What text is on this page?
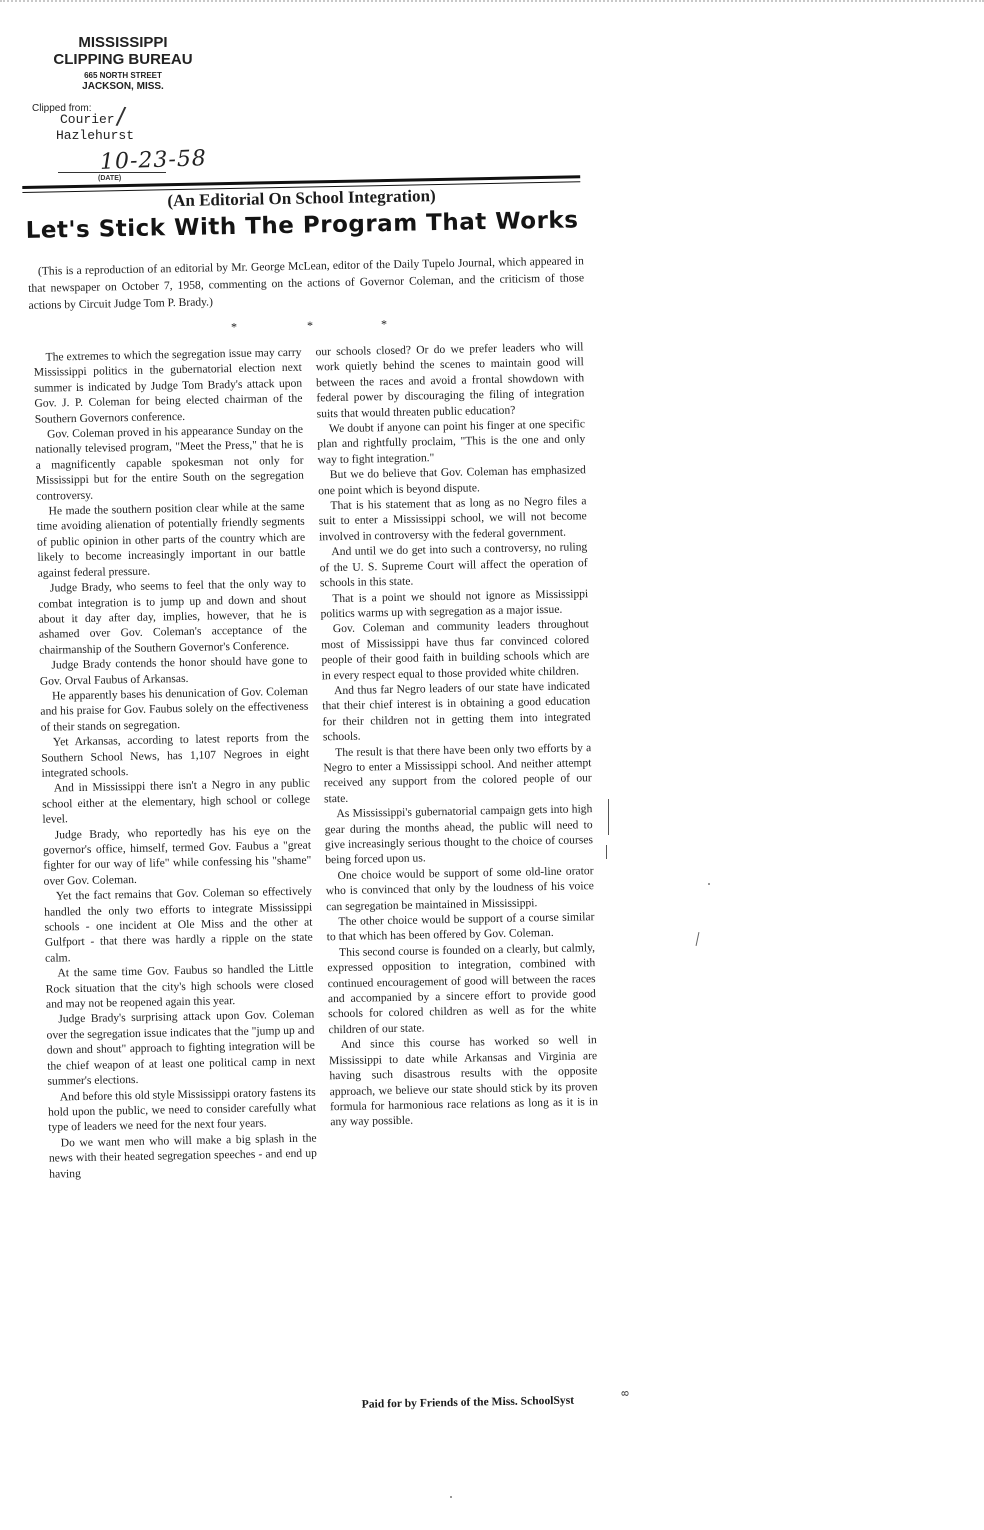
MISSISSIPPI
CLIPPING BUREAU
665 NORTH STREET
JACKSON, MISS.
Clipped from: /
Courier
Hazlehurst
10-23-58
(DATE)
(An Editorial On School Integration)
Let's Stick With The Program That Works
(This is a reproduction of an editorial by Mr. George McLean, editor of the Daily Tupelo Journal, which appeared in that newspaper on October 7, 1958, commenting on the actions of Governor Coleman, and the criticism of those actions by Circuit Judge Tom P. Brady.)
*	*	*

The extremes to which the segregation issue may carry Mississippi politics in the gubernatorial election next summer is indicated by Judge Tom Brady's attack upon Gov. J. P. Coleman for being elected chairman of the Southern Governors conference.

Gov. Coleman proved in his appearance Sunday on the nationally televised program, "Meet the Press," that he is a magnificently capable spokesman not only for Mississippi but for the entire South on the segregation controversy.

He made the southern position clear while at the same time avoiding alienation of potentially friendly segments of public opinion in other parts of the country which are likely to become increasingly important in our battle against federal pressure.

Judge Brady, who seems to feel that the only way to combat integration is to jump up and down and shout about it day after day, implies, however, that he is ashamed over Gov. Coleman's acceptance of the chairmanship of the Southern Governor's Conference.

Judge Brady contends the honor should have gone to Gov. Orval Faubus of Arkansas.

He apparently bases his denunication of Gov. Coleman and his praise for Gov. Faubus solely on the effectiveness of their stands on segregation.

Yet Arkansas, according to latest reports from the Southern School News, has 1,107 Negroes in eight integrated schools.

And in Mississippi there isn't a Negro in any public school either at the elementary, high school or college level.

Judge Brady, who reportedly has his eye on the governor's office, himself, termed Gov. Faubus a "great fighter for our way of life" while confessing his "shame" over Gov. Coleman.

Yet the fact remains that Gov. Coleman so effectively handled the only two efforts to integrate Mississippi schools - one incident at Ole Miss and the other at Gulfport - that there was hardly a ripple on the state calm.

At the same time Gov. Faubus so handled the Little Rock situation that the city's high schools were closed and may not be reopened again this year.

Judge Brady's surprising attack upon Gov. Coleman over the segregation issue indicates that the "jump up and down and shout" approach to fighting integration will be the chief weapon of at least one political camp in next summer's elections.

And before this old style Mississippi oratory fastens its hold upon the public, we need to consider carefully what type of leaders we need for the next four years.

Do we want men who will make a big splash in the news with their heated segregation speeches - and end up having

our schools closed? Or do we prefer leaders who will work quietly behind the scenes to maintain good will between the races and avoid a frontal showdown with federal power by discouraging the filing of integration suits that would threaten public education?

We doubt if anyone can point his finger at one specific plan and rightfully proclaim, "This is the one and only way to fight integration."

But we do believe that Gov. Coleman has emphasized one point which is beyond dispute.

That is his statement that as long as no Negro files a suit to enter a Mississippi school, we will not become involved in controversy with the federal government.

And until we do get into such a controversy, no ruling of the U. S. Supreme Court will affect the operation of schools in this state.

That is a point we should not ignore as Mississippi politics warms up with segregation as a major issue.

Gov. Coleman and community leaders throughout most of Mississippi have thus far convinced colored people of their good faith in building schools which are in every respect equal to those provided white children.

And thus far Negro leaders of our state have indicated that their chief interest is in obtaining a good education for their children not in getting them into integrated schools.

The result is that there have been only two efforts by a Negro to enter a Mississippi school. And neither attempt received any support from the colored people of our state.

As Mississippi's gubernatorial campaign gets into high gear during the months ahead, the public will need to give increasingly serious thought to the choice of courses being forced upon us.

One choice would be support of some old-line orator who is convinced that only by the loudness of his voice can segregation be maintained in Mississippi.

The other choice would be support of a course similar to that which has been offered by Gov. Coleman.

This second course is founded on a clearly, but calmly, expressed opposition to integration, combined with continued encouragement of good will between the races and accompanied by a sincere effort to provide good schools for colored children as well as for the white children of our state.

And since this course has worked so well in Mississippi to date while Arkansas and Virginia are having such disastrous results with the opposite approach, we believe our state should stick by its proven formula for harmonious race relations as long as it is in any way possible.

Paid for by Friends of the Miss. SchoolSyst
8
